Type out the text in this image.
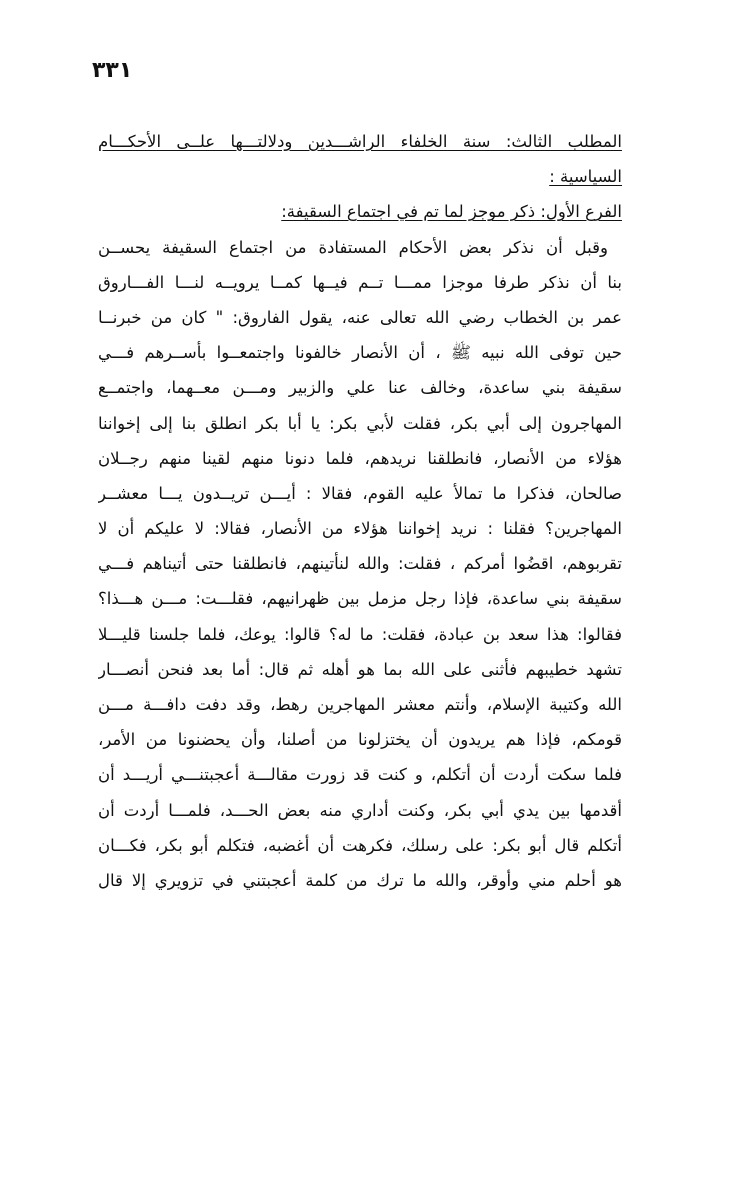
٣٣١
المطلب الثالث: سنة الخلفاء الراشـــدين ودلالتـــها علــى الأحكـــام
السياسية :
الفرع الأول: ذكر موجز لما تم في اجتماع السقيفة:
وقبل أن نذكر بعض الأحكام المستفادة من اجتماع السقيفة يحســن
بنا أن نذكر طرفا موجزا ممـــا تــم فيــها كمــا يرويــه لنـــا الفـــاروق
عمر بن الخطاب رضي الله تعالى عنه، يقول الفاروق: " كان من خبرنــا
حين توفى الله نبيه ﷺ ، أن الأنصار خالفونا واجتمعــوا بأســرهم فـــي
سقيفة بني ساعدة، وخالف عنا علي والزبير ومـــن معــهما، واجتمــع
المهاجرون إلى أبي بكر، فقلت لأبي بكر: يا أبا بكر انطلق بنا إلى إخواننا
هؤلاء من الأنصار، فانطلقنا نريدهم، فلما دنونا منهم لقينا منهم رجــلان
صالحان، فذكرا ما تمالأ عليه القوم، فقالا : أيـــن تريــدون يـــا معشــر
المهاجرين؟ فقلنا : نريد إخواننا هؤلاء من الأنصار، فقالا: لا عليكم أن لا
تقربوهم، اقضُوا أمركم ، فقلت: والله لنأتينهم، فانطلقنا حتى أتيناهم فـــي
سقيفة بني ساعدة، فإذا رجل مزمل بين ظهرانيهم، فقلـــت: مـــن هـــذا؟
فقالوا: هذا سعد بن عبادة، فقلت: ما له؟ قالوا: يوعك، فلما جلسنا قليـــلا
تشهد خطيبهم فأثنى على الله بما هو أهله ثم قال: أما بعد فنحن أنصـــار
الله وكتيبة الإسلام، وأنتم معشر المهاجرين رهط، وقد دفت دافـــة مـــن
قومكم، فإذا هم يريدون أن يختزلونا من أصلنا، وأن يحضنونا من الأمر،
فلما سكت أردت أن أتكلم، و كنت قد زورت مقالـــة أعجبتنـــي أريـــد أن
أقدمها بين يدي أبي بكر، وكنت أداري منه بعض الحـــد، فلمـــا أردت أن
أتكلم قال أبو بكر: على رسلك، فكرهت أن أغضبه، فتكلم أبو بكر، فكـــان
هو أحلم مني وأوقر، والله ما ترك من كلمة أعجبتني في تزويري إلا قال
